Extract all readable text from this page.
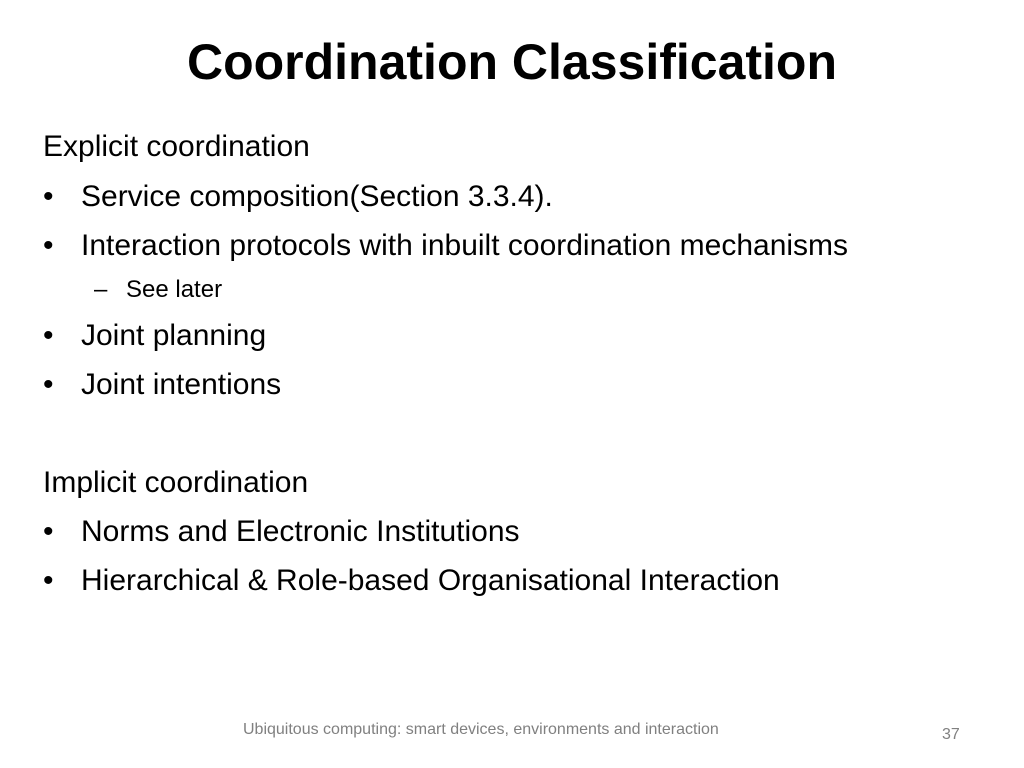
Coordination Classification
Explicit coordination
• Service composition(Section 3.3.4).
• Interaction protocols with inbuilt coordination mechanisms
– See later
• Joint planning
• Joint intentions
Implicit coordination
• Norms and Electronic Institutions
• Hierarchical & Role-based Organisational Interaction
Ubiquitous computing: smart devices, environments and interaction	37
